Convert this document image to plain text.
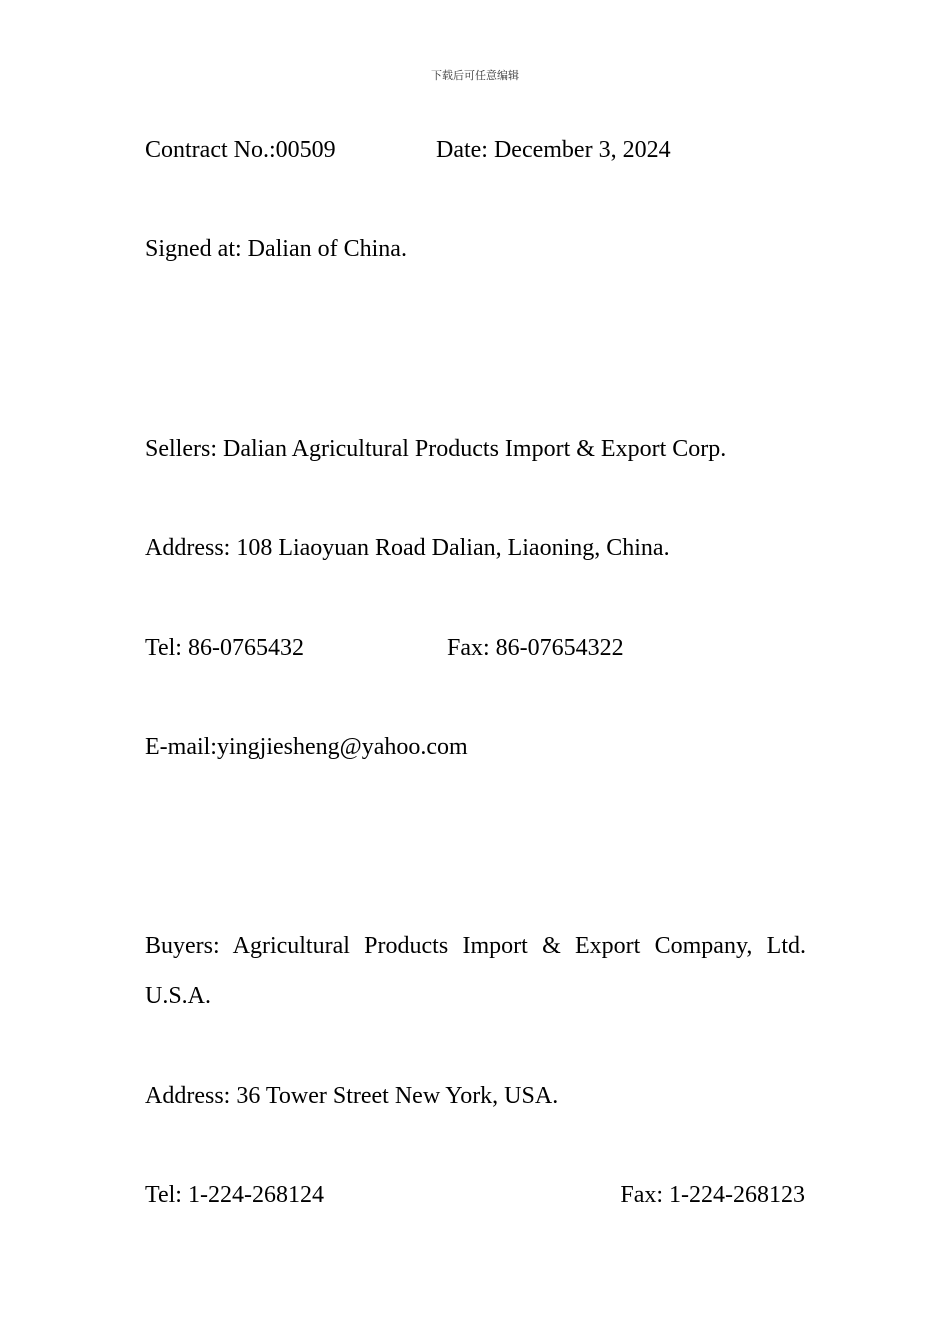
下载后可任意编辑
Contract No.:00509	Date: December 3, 2024
Signed at: Dalian of China.
Sellers: Dalian Agricultural Products Import & Export Corp.
Address: 108 Liaoyuan Road Dalian, Liaoning, China.
Tel: 86-0765432	Fax: 86-07654322
E-mail:yingjiesheng@yahoo.com
Buyers: Agricultural Products Import & Export Company, Ltd. U.S.A.
Address: 36 Tower Street New York, USA.
Tel: 1-224-268124	Fax: 1-224-268123
